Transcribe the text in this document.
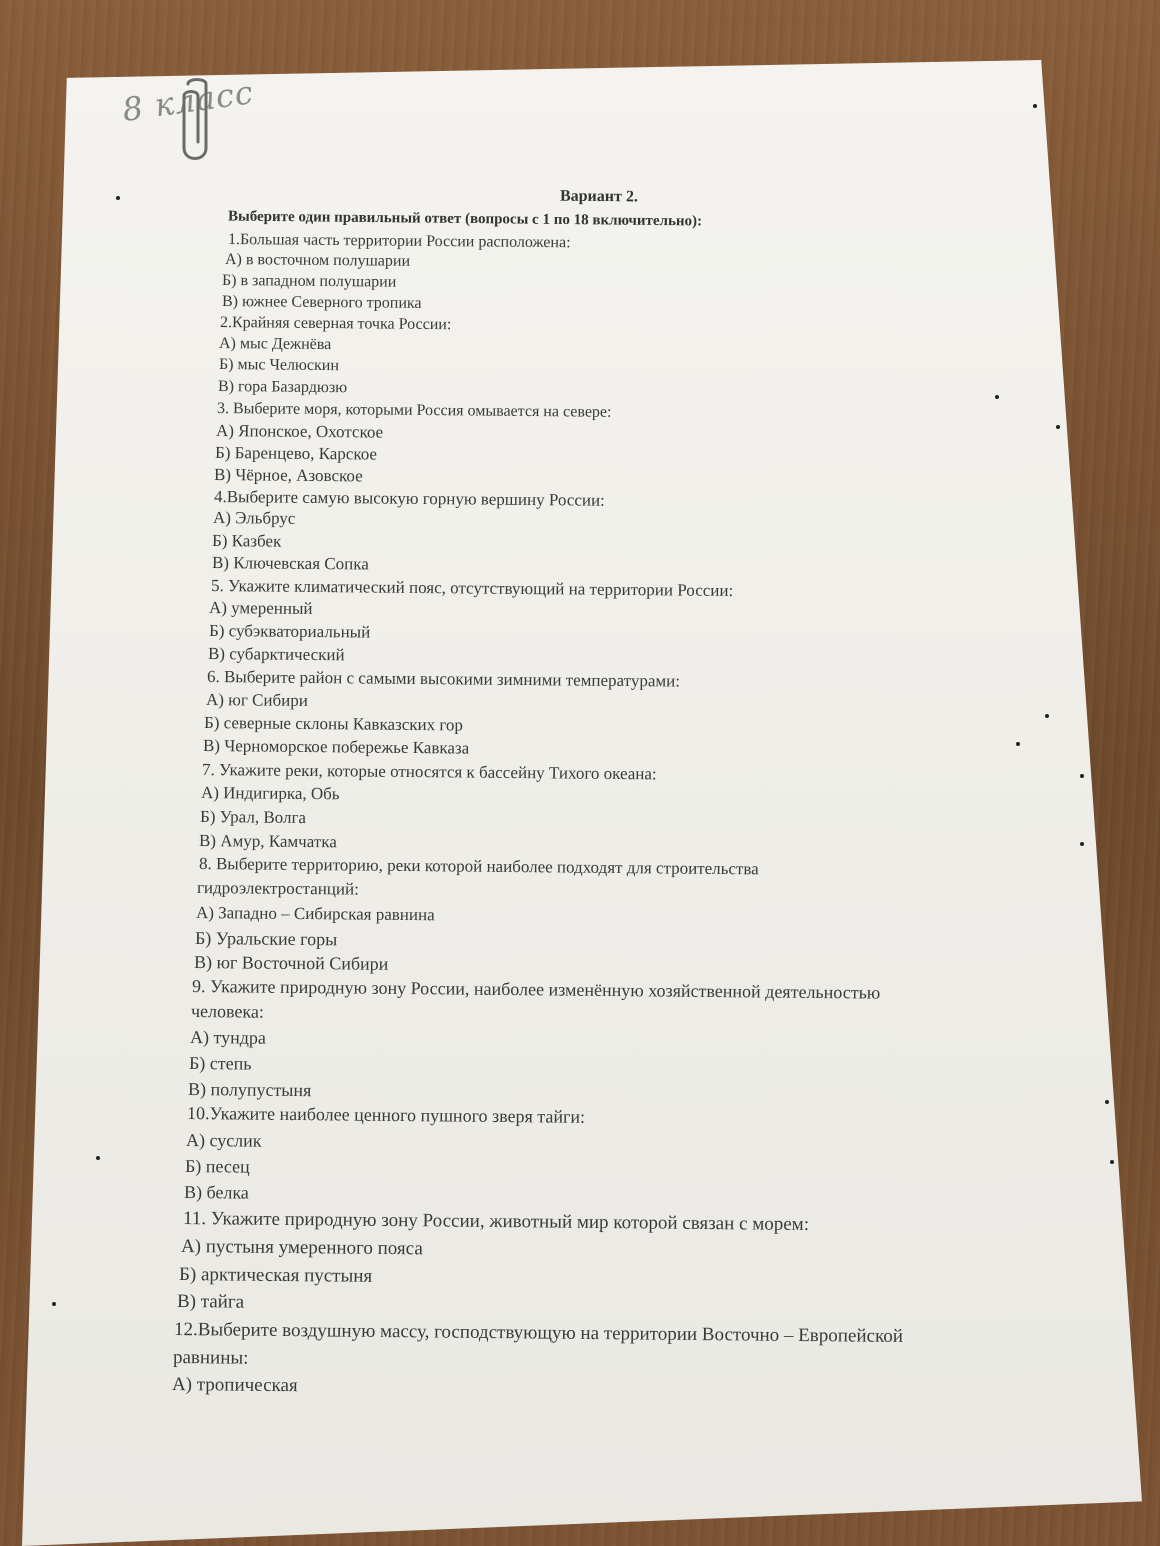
8 класс
Вариант 2.
Выберите один правильный ответ (вопросы с 1 по 18 включительно):
1.Большая часть территории России расположена:
А) в восточном полушарии
Б) в западном полушарии
В) южнее Северного тропика
2.Крайняя северная точка России:
А) мыс Дежнёва
Б) мыс Челюскин
В) гора Базардюзю
3. Выберите моря, которыми Россия омывается на севере:
А) Японское, Охотское
Б) Баренцево, Карское
В) Чёрное, Азовское
4.Выберите самую высокую горную вершину России:
А) Эльбрус
Б) Казбек
В) Ключевская Сопка
5. Укажите климатический пояс, отсутствующий на территории России:
А) умеренный
Б) субэкваториальный
В) субарктический
6. Выберите район с самыми высокими зимними температурами:
А) юг Сибири
Б) северные склоны Кавказских гор
В) Черноморское побережье Кавказа
7. Укажите реки, которые относятся к бассейну Тихого океана:
А) Индигирка, Обь
Б) Урал, Волга
В) Амур, Камчатка
8. Выберите территорию, реки которой наиболее подходят для строительства
гидроэлектростанций:
А) Западно – Сибирская равнина
Б) Уральские горы
В) юг Восточной Сибири
9. Укажите природную зону России, наиболее изменённую хозяйственной деятельностью
человека:
А) тундра
Б) степь
В) полупустыня
10.Укажите наиболее ценного пушного зверя тайги:
А) суслик
Б) песец
В) белка
11. Укажите природную зону России, животный мир которой связан с морем:
А) пустыня умеренного пояса
Б) арктическая пустыня
В) тайга
12.Выберите воздушную массу, господствующую на территории Восточно – Европейской
равнины:
А) тропическая
